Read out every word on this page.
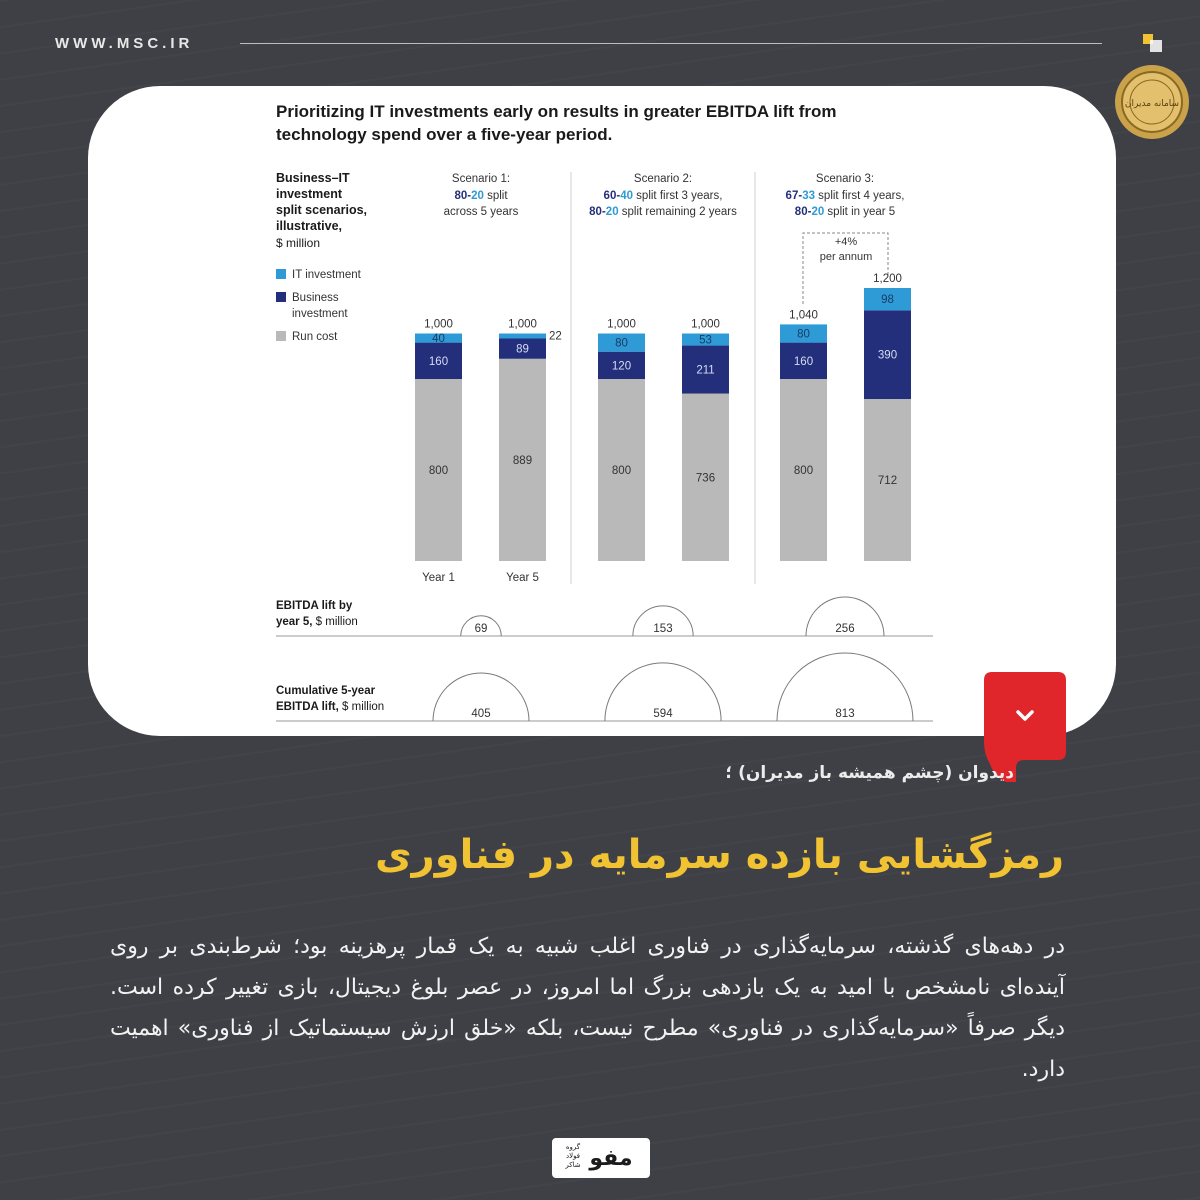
WWW.MSC.IR
سامانه مدیران
Prioritizing IT investments early on results in greater EBITDA lift from
technology spend over a five-year period.
Business–IT
investment
split scenarios,
illustrative,
$ million
IT investment
Business
investment
Run cost
Scenario 1:
80-20 split
across 5 years
Scenario 2:
60-40 split first 3 years,
80-20 split remaining 2 years
Scenario 3:
67-33 split first 4 years,
80-20 split in year 5
+4%
per annum
800
160
40
1,000
889
89
22
1,000
800
120
80
1,000
736
211
53
1,000
800
160
80
1,040
712
390
98
1,200
Year 1	Year 5
EBITDA lift by
year 5, $ million
Cumulative 5-year
EBITDA lift, $ million
69	153	256
405	594	813
دیدوان (چشم همیشه باز مدیران) ؛
رمزگشایی بازده سرمایه در فناوری
در دهه‌های گذشته، سرمایه‌گذاری در فناوری اغلب شبیه به یک قمار پرهزینه بود؛ شرط‌بندی بر روی آینده‌ای نامشخص با امید به یک بازدهی بزرگ اما امروز، در عصر بلوغ دیجیتال، بازی تغییر کرده است. دیگر صرفاً «سرمایه‌گذاری در فناوری» مطرح نیست، بلکه «خلق ارزش سیستماتیک از فناوری» اهمیت دارد.
گروه فولاد شاکر مفو
